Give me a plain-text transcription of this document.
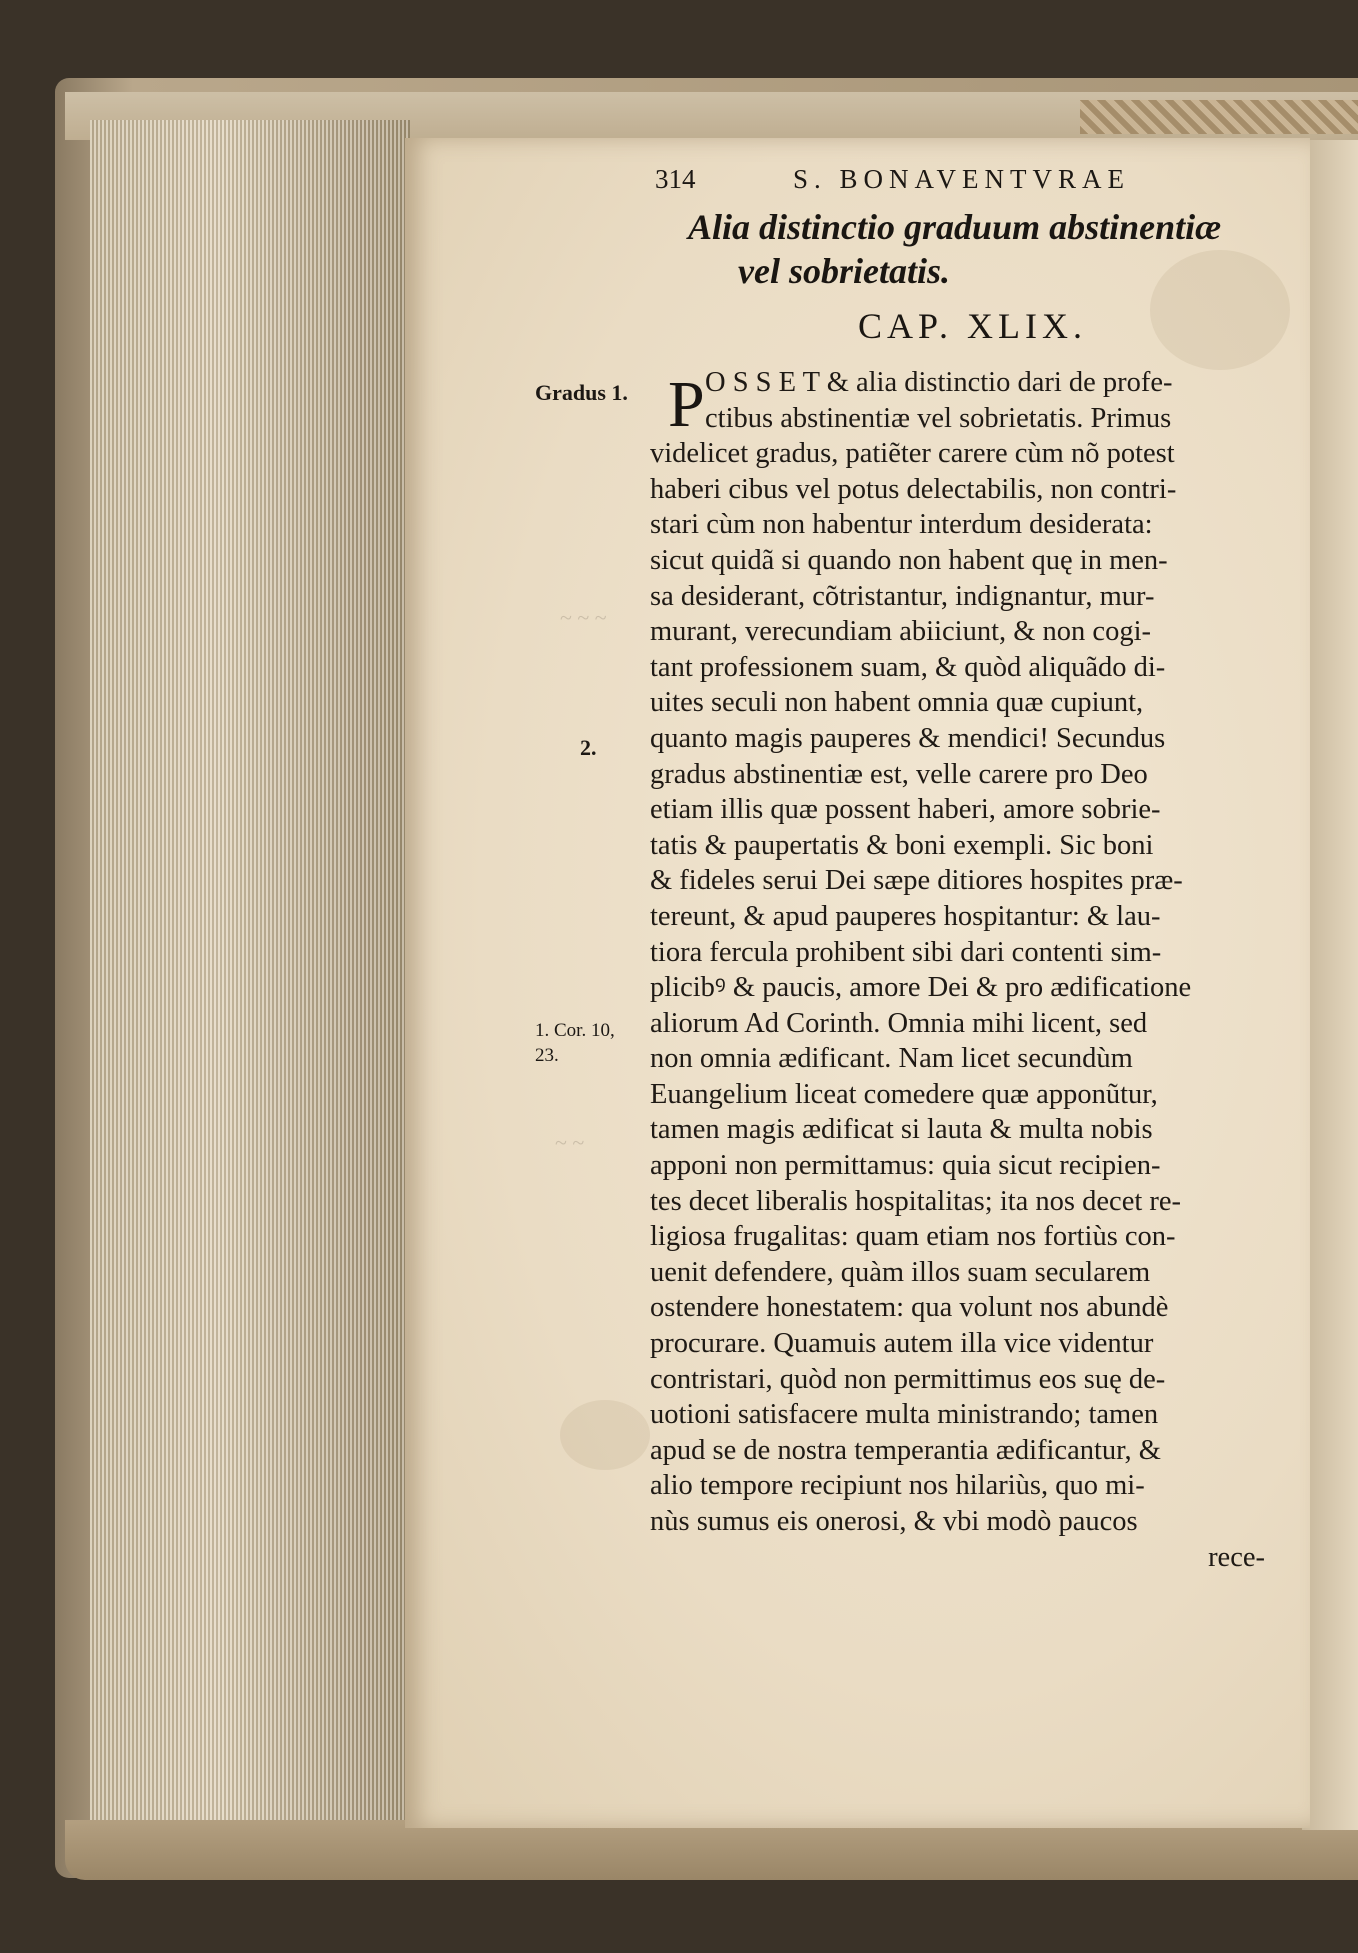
~ ~ ~
~ ~
314	S. BONAVENTVRAE
Alia distinctio graduum abstinentiæ
vel sobrietatis.
CAP. XLIX.
P O S S E T & alia distinctio dari de profe-
ctibus abstinentiæ vel sobrietatis. Primus
videlicet gradus, patiẽter carere cùm nõ potest
haberi cibus vel potus delectabilis, non contri-
stari cùm non habentur interdum desiderata:
sicut quidã si quando non habent quę in men-
sa desiderant, cõtristantur, indignantur, mur-
murant, verecundiam abiiciunt, & non cogi-
tant professionem suam, & quòd aliquãdo di-
uites seculi non habent omnia quæ cupiunt,
quanto magis pauperes & mendici! Secundus
gradus abstinentiæ est, velle carere pro Deo
etiam illis quæ possent haberi, amore sobrie-
tatis & paupertatis & boni exempli. Sic boni
& fideles serui Dei sæpe ditiores hospites præ-
tereunt, & apud pauperes hospitantur: & lau-
tiora fercula prohibent sibi dari contenti sim-
plicibꝰ & paucis, amore Dei & pro ædificatione
aliorum Ad Corinth. Omnia mihi licent, sed
non omnia ædificant. Nam licet secundùm
Euangelium liceat comedere quæ apponũtur,
tamen magis ædificat si lauta & multa nobis
apponi non permittamus: quia sicut recipien-
tes decet liberalis hospitalitas; ita nos decet re-
ligiosa frugalitas: quam etiam nos fortiùs con-
uenit defendere, quàm illos suam secularem
ostendere honestatem: qua volunt nos abundè
procurare. Quamuis autem illa vice videntur
contristari, quòd non permittimus eos suę de-
uotioni satisfacere multa ministrando; tamen
apud se de nostra temperantia ædificantur, &
alio tempore recipiunt nos hilariùs, quo mi-
nùs sumus eis onerosi, & vbi modò paucos
rece-
Gradus 1.
2.
1. Cor. 10,
23.
